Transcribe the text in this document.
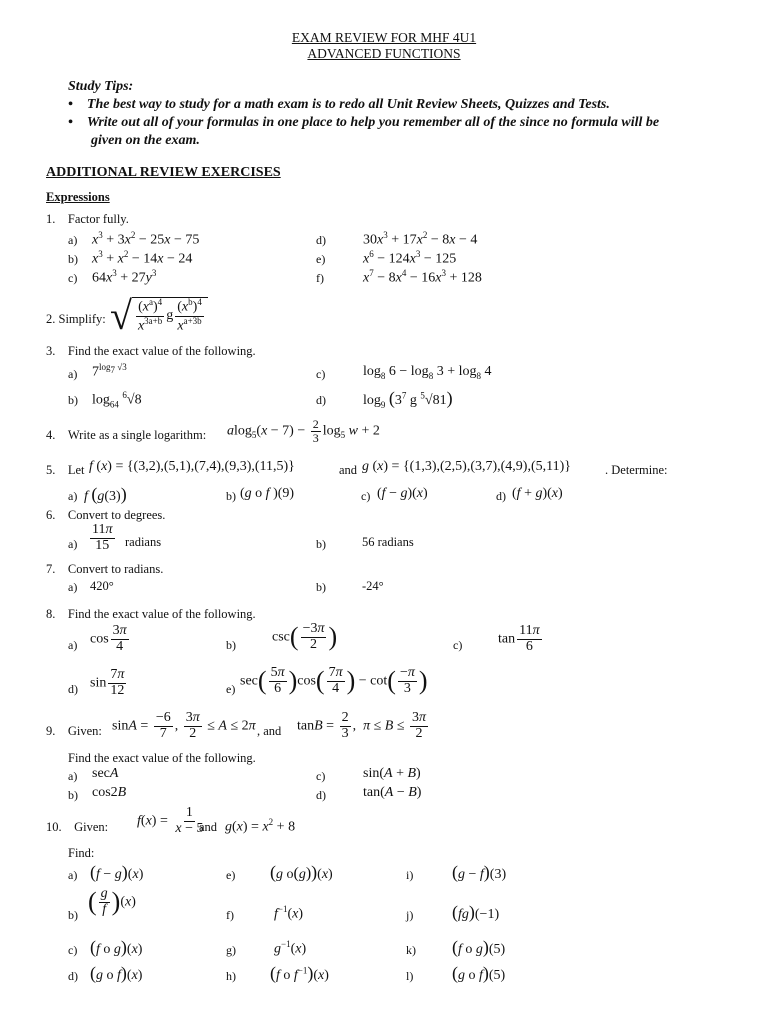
EXAM REVIEW FOR MHF 4U1
ADVANCED FUNCTIONS
Study Tips:
•    The best way to study for a math exam is to redo all Unit Review Sheets, Quizzes and Tests.
•    Write out all of your formulas in one place to help you remember all of the since no formula will be
given on the exam.
ADDITIONAL REVIEW EXERCISES
Expressions
1. Factor fully.
a) $x^3 + 3x^2 - 25x - 75$
b) $x^3 + x^2 - 14x - 24$
c) $64x^3 + 27y^3$
d)	$30x^3 + 17x^2 - 8x - 4$
e)	$x^6 - 124x^3 - 125$
f)	$x^7 - 8x^4 - 16x^3 + 128$
2. Simplify: √ $\frac{(x^a)^4}{x^{3a+b}}$ g $\frac{(x^b)^4}{x^{a+3b}}$
3. Find the exact value of the following.
a) $7^{log_7 √3}$
b) $\log_{64} ^6√8$
c)	$\log_8 6 - \log_8 3 + \log_8 4$
d)	$\log_9 (3^7$ g $^5$√81)
4. Write as a single logarithm: $alog_5(x - 7) - \frac{2}{3} \log_5 w + 2$
5. Let f (x) = {(3,2),(5,1),(7,4),(9,3),(11,5)}	and g (x) = {(1,3),(2,5),(3,7),(4,9),(5,11)}	. Determine:
a) f (g(3))	b) (g o f )(9)	c) (f − g)(x)	d) (f + g)(x)
6. Convert to degrees.
$a) \frac{11\pi}{15}$ radians	b)	56 radians
7. Convert to radians.
a) 420°	b)	-24°
8. Find the exact value of the following.
a) $\cos \frac{3\pi}{4}$	b)
$\csc( \frac{-3\pi}{2}$ )	c)	$\tan \frac{11\pi}{6}$
d) $\sin \frac{7\pi}{12}$	e)
$\sec( \frac{5\pi}{6} )\cos( \frac{7\pi}{4}$ ) − $\cot( \frac{-\pi}{3}$ )
9. Given: $\sin A = \frac{-6}{7}$ , $\frac{3\pi}{2} \le A \le 2\pi$ , and $\tan B = \frac{2}{3}$ ,  $\pi \le B \le \frac{3\pi}{2}$
Find the exact value of the following.
a) secA
b) cos2B
c)	sin(A + B)
d)	tan(A − B)
10. Given: $f(x) = \frac{1}{x - 5}$
and $g(x) = x^2 + 8$
Find:
a) (f − g)(x)
b) ( $\frac{g}{f} )(x)$
c) (f o g)(x)
d) (g o f)(x)
e) (g o(g))(x)
f)	$f^{-1}(x)$
g)	$g^{-1}(x)$
h) (f o $f^{-1})(x)$
i) (g − f)(3)
j) (fg)(−1)
k) (f o g)(5)
l) (g o f)(5)
